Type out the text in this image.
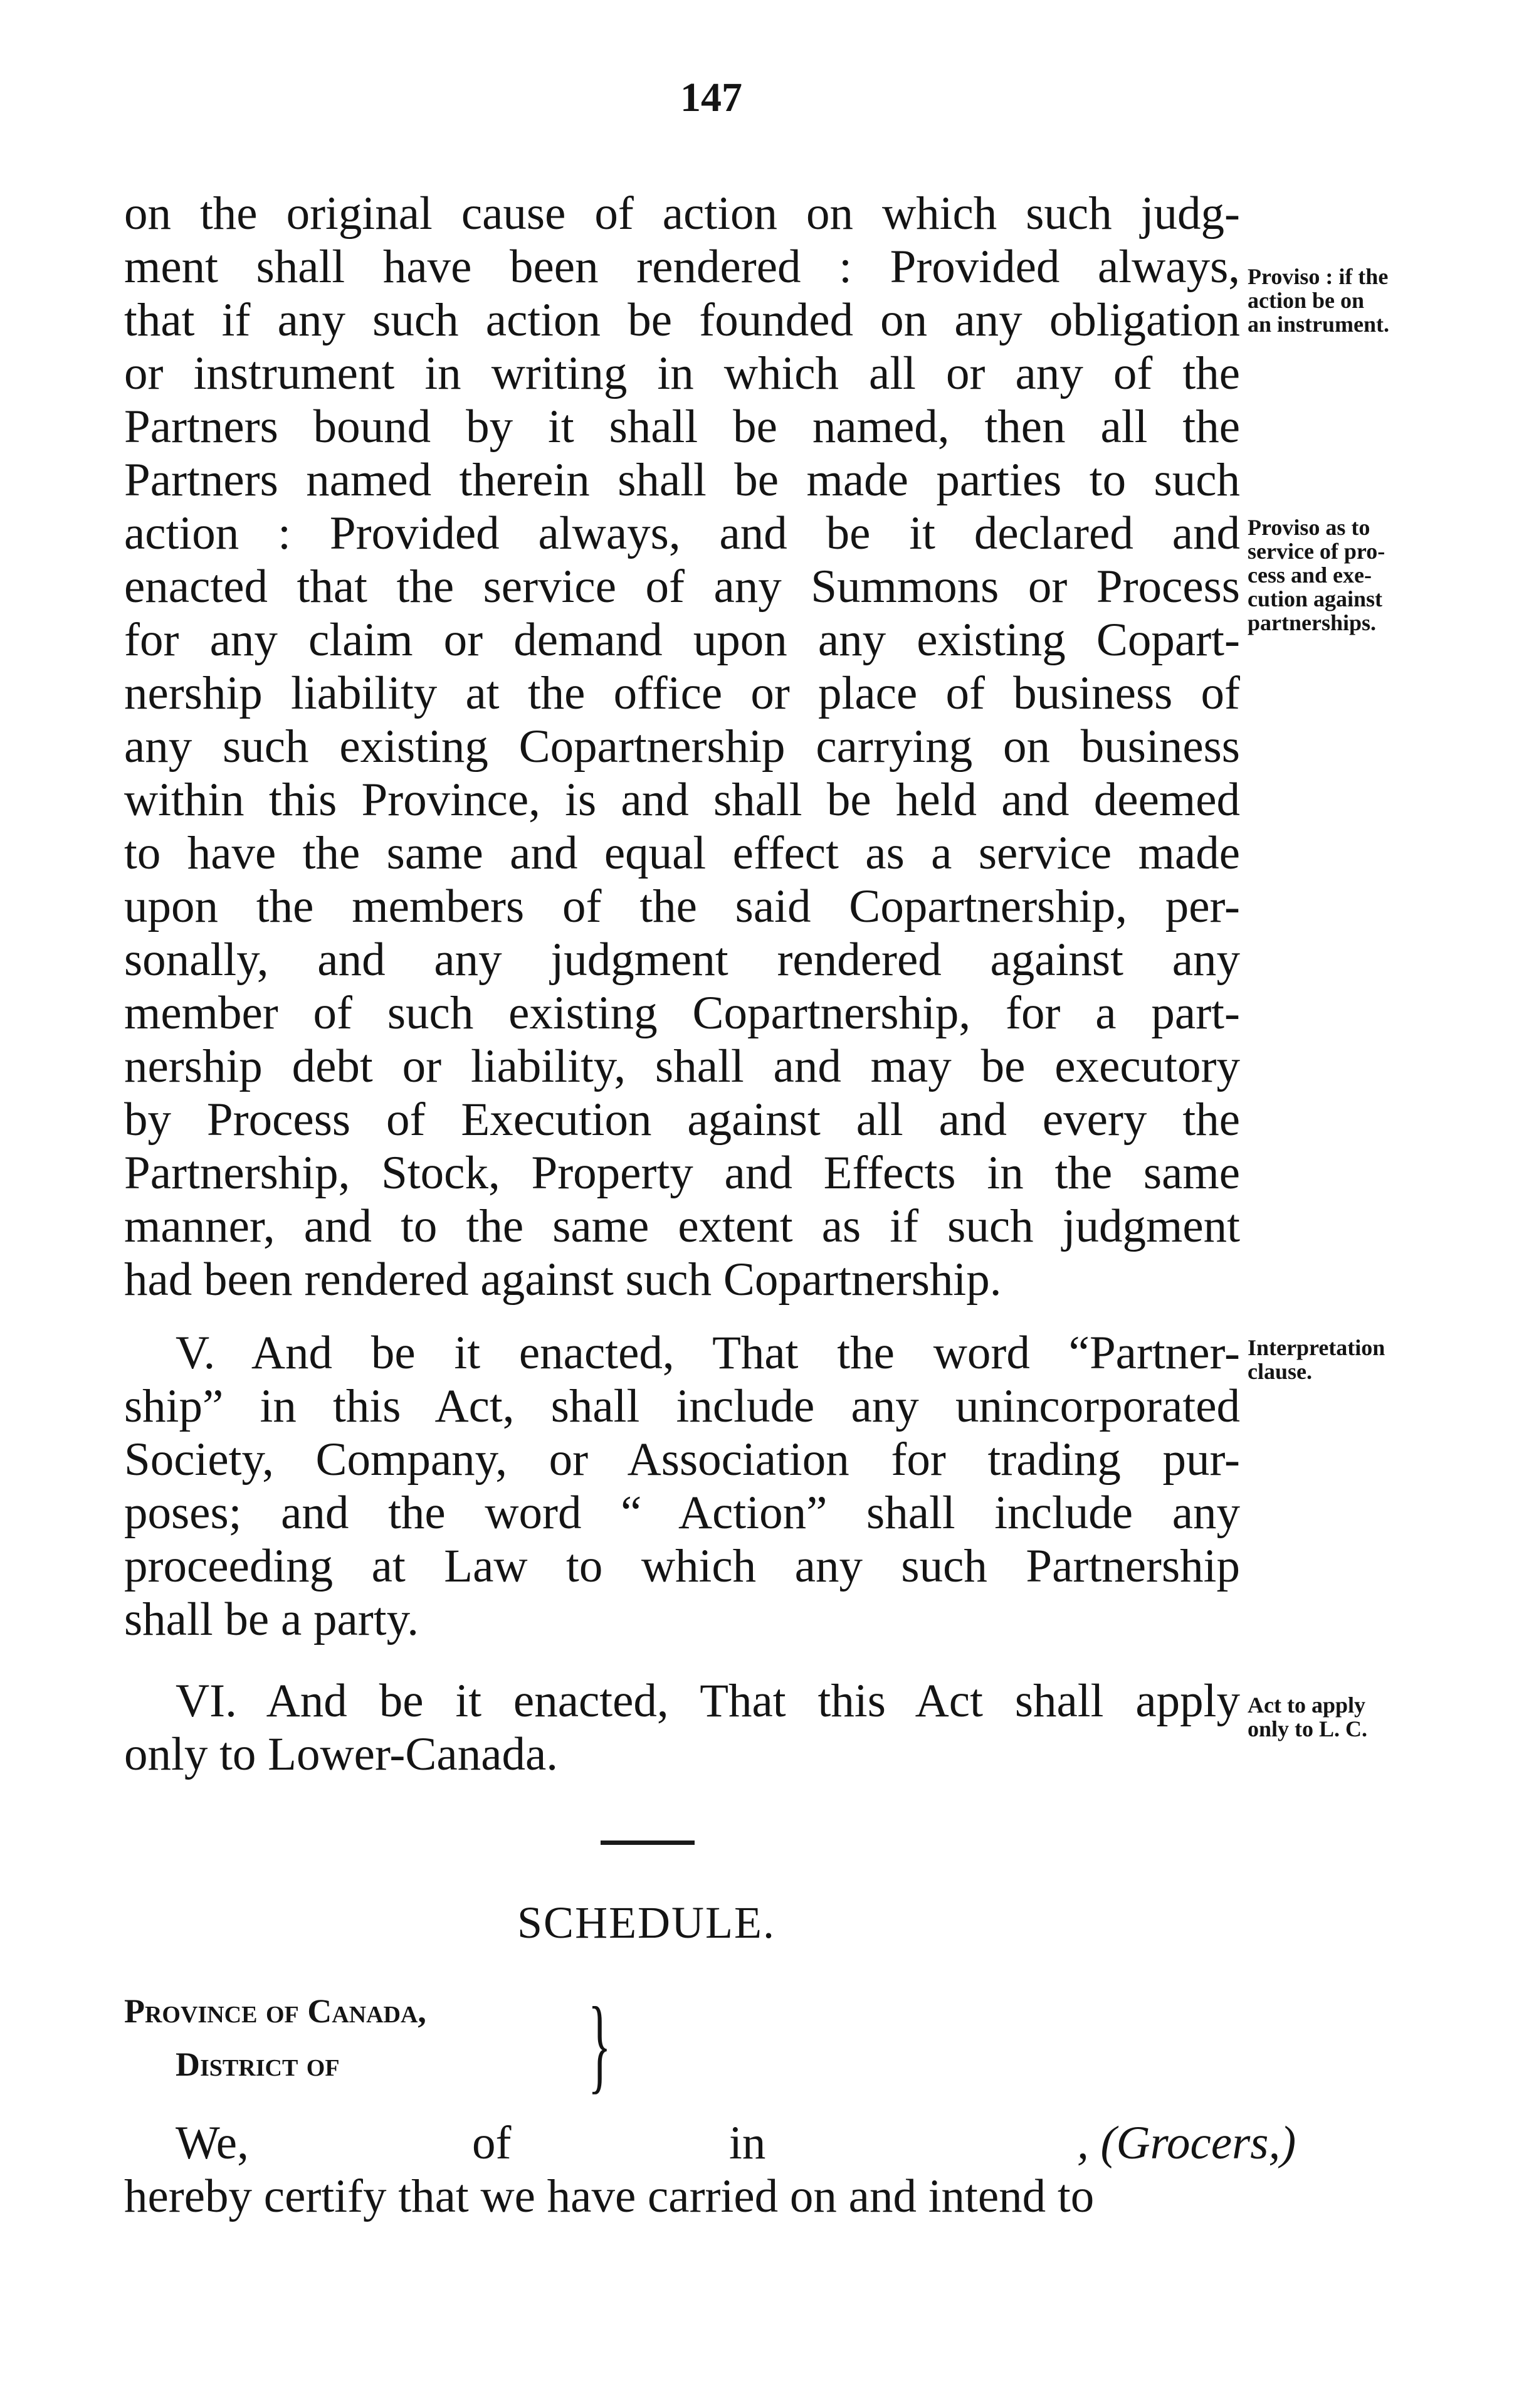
147
on the original cause of action on which such judg-
ment shall have been rendered : Provided always,
that if any such action be founded on any obligation
or instrument in writing in which all or any of the
Partners bound by it shall be named, then all the
Partners named therein shall be made parties to such
action : Provided always, and be it declared and
enacted that the service of any Summons or Process
for any claim or demand upon any existing Copart-
nership liability at the office or place of business of
any such existing Copartnership carrying on business
within this Province, is and shall be held and deemed
to have the same and equal effect as a service made
upon the members of the said Copartnership, per-
sonally, and any judgment rendered against any
member of such existing Copartnership, for a part-
nership debt or liability, shall and may be executory
by Process of Execution against all and every the
Partnership, Stock, Property and Effects in the same
manner, and to the same extent as if such judgment
had been rendered against such Copartnership.
V. And be it enacted, That the word “Partner-
ship” in this Act, shall include any unincorporated
Society, Company, or Association for trading pur-
poses; and the word “ Action” shall include any
proceeding at Law to which any such Partnership
shall be a party.
VI. And be it enacted, That this Act shall apply
only to Lower-Canada.
Proviso : if the
action be on
an instrument.
Proviso as to
service of pro-
cess and exe-
cution against
partnerships.
Interpretation
clause.
Act to apply
only to L. C.
SCHEDULE.
Province of Canada,
District of	}
We,	of	in	, (Grocers,)
hereby certify that we have carried on and intend to
